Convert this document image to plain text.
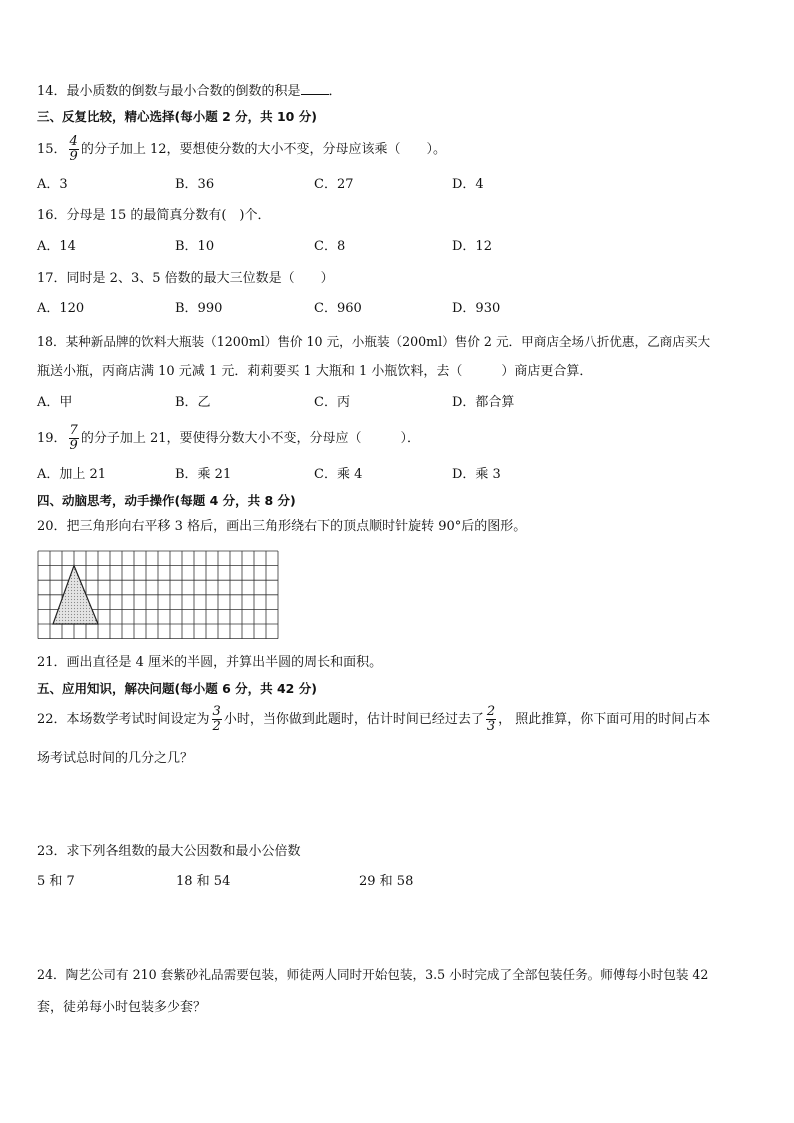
14．最小质数的倒数与最小合数的倒数的积是 ．
三、反复比较，精心选择(每小题 2 分，共 10 分)
15． $\frac{4}{9}$ 的分子加上 12，要想使分数的大小不变，分母应该乘（　　）。
A．3	B．36	C．27	D．4
16．分母是 15 的最简真分数有(　)个．
A．14	B．10	C．8	D．12
17．同时是 2、3、5 倍数的最大三位数是（　　）
A．120	B．990	C．960	D．930
18．某种新品牌的饮料大瓶装（1200ml）售价 10 元，小瓶装（200ml）售价 2 元．甲商店全场八折优惠，乙商店买大
瓶送小瓶，丙商店满 10 元减 1 元．莉莉要买 1 大瓶和 1 小瓶饮料，去（　　　）商店更合算．
A．甲	B．乙	C．丙	D．都合算
19． $\frac{7}{9}$ 的分子加上 21，要使得分数大小不变，分母应（　　　）．
A．加上 21	B．乘 21	C．乘 4	D．乘 3
四、动脑思考，动手操作(每题 4 分，共 8 分)
20．把三角形向右平移 3 格后，画出三角形绕右下的顶点顺时针旋转 90°后的图形。
21．画出直径是 4 厘米的半圆，并算出半圆的周长和面积。
五、应用知识，解决问题(每小题 6 分，共 42 分)
22．本场数学考试时间设定为 $\frac{3}{2}$ 小时，当你做到此题时，估计时间已经过去了 $\frac{2}{3}$ ， 照此推算，你下面可用的时间占本
场考试总时间的几分之几？
23．求下列各组数的最大公因数和最小公倍数
5 和 7	18 和 54	29 和 58
24．陶艺公司有 210 套紫砂礼品需要包装，师徒两人同时开始包装，3.5 小时完成了全部包装任务。师傅每小时包装 42
套，徒弟每小时包装多少套？
